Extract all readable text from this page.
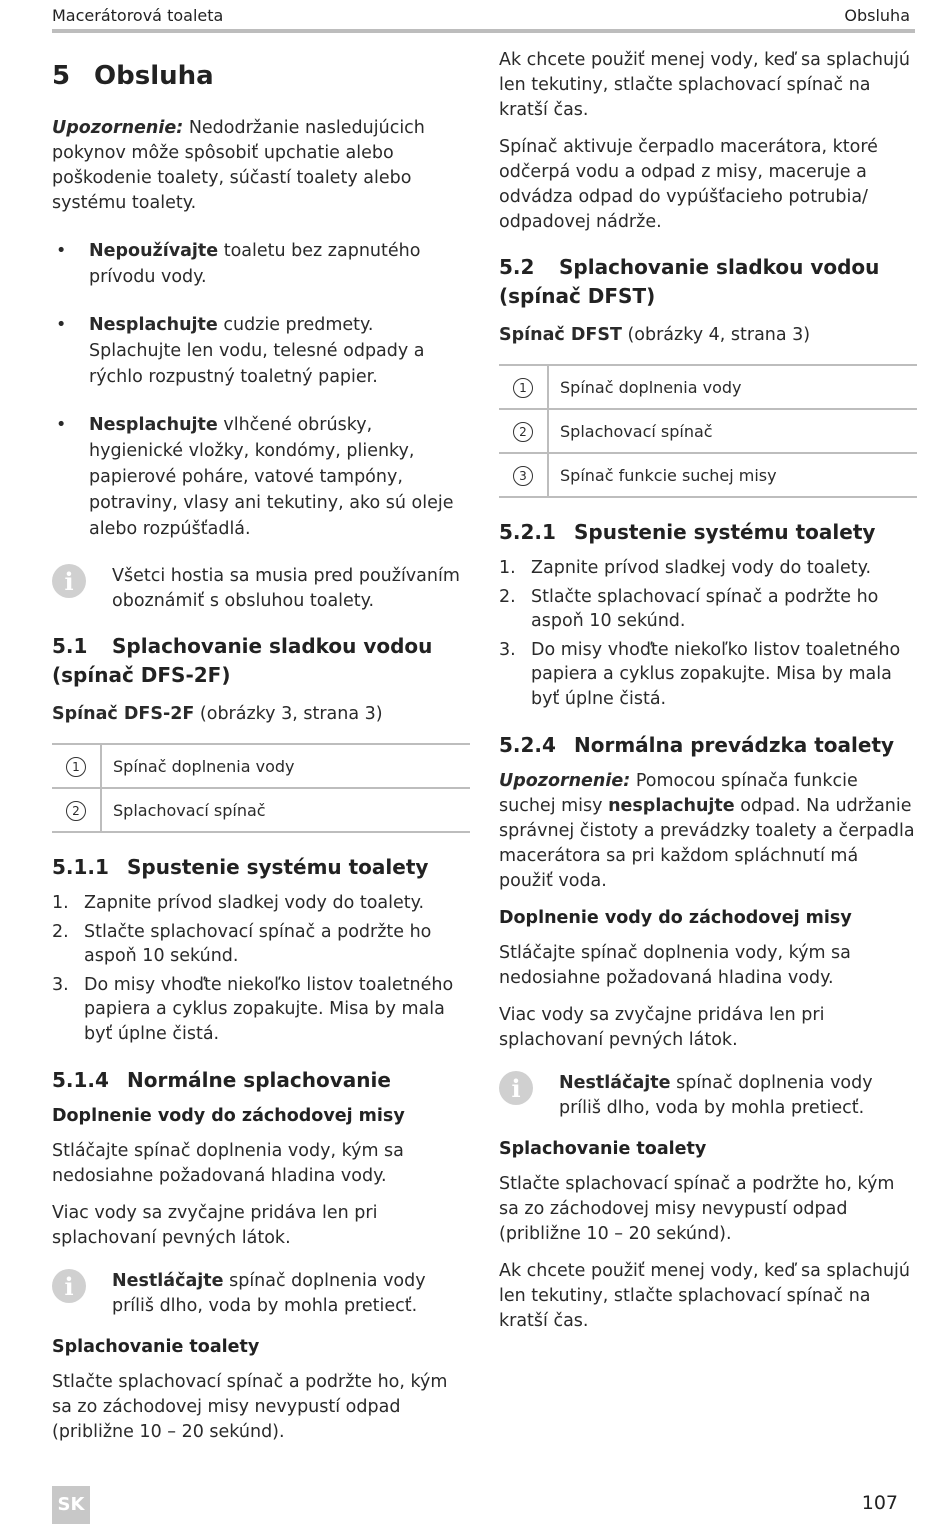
Macerátorová toaleta	Obsluha
5 Obsluha

Upozornenie: Nedodržanie nasledujúcich pokynov môže spôsobiť upchatie alebo poškodenie toalety, súčastí toalety alebo systému toalety.

• Nepoužívajte toaletu bez zapnutého prívodu vody.
• Nesplachujte cudzie predmety. Splachujte len vodu, telesné odpady a rýchlo rozpustný toaletný papier.
• Nesplachujte vlhčené obrúsky, hygienické vložky, kondómy, plienky, papierové poháre, vatové tampóny, potraviny, vlasy ani tekutiny, ako sú oleje alebo rozpúšťadlá.
i	Všetci hostia sa musia pred používaním oboznámiť s obsluhou toalety.
5.1 Splachovanie sladkou vodou (spínač DFS-2F)

Spínač DFS-2F (obrázky 3, strana 3)

1	Spínač doplnenia vody
2	Splachovací spínač
5.1.1 Spustenie systému toalety
1. Zapnite prívod sladkej vody do toalety.
2. Stlačte splachovací spínač a podržte ho aspoň 10 sekúnd.
3. Do misy vhoďte niekoľko listov toaletného papiera a cyklus zopakujte. Misa by mala byť úplne čistá.
5.1.4 Normálne splachovanie
Doplnenie vody do záchodovej misy

Stláčajte spínač doplnenia vody, kým sa nedosiahne požadovaná hladina vody.

Viac vody sa zvyčajne pridáva len pri splachovaní pevných látok.

i	Nestláčajte spínač doplnenia vody príliš dlho, voda by mohla pretiecť.
Splachovanie toalety

Stlačte splachovací spínač a podržte ho, kým sa zo záchodovej misy nevypustí odpad (približne 10 – 20 sekúnd).

Ak chcete použiť menej vody, keď sa splachujú len tekutiny, stlačte splachovací spínač na kratší čas.

Spínač aktivuje čerpadlo macerátora, ktoré odčerpá vodu a odpad z misy, maceruje a odvádza odpad do vypúšťacieho potrubia/ odpadovej nádrže.

5.2 Splachovanie sladkou vodou (spínač DFST)

Spínač DFST (obrázky 4, strana 3)

1	Spínač doplnenia vody
2	Splachovací spínač
3	Spínač funkcie suchej misy
5.2.1 Spustenie systému toalety
1. Zapnite prívod sladkej vody do toalety.
2. Stlačte splachovací spínač a podržte ho aspoň 10 sekúnd.
3. Do misy vhoďte niekoľko listov toaletného papiera a cyklus zopakujte. Misa by mala byť úplne čistá.
5.2.4 Normálna prevádzka toalety

Upozornenie: Pomocou spínača funkcie suchej misy nesplachujte odpad. Na udržanie správnej čistoty a prevádzky toalety a čerpadla macerátora sa pri každom spláchnutí má použiť voda.

Doplnenie vody do záchodovej misy

Stláčajte spínač doplnenia vody, kým sa nedosiahne požadovaná hladina vody.

Viac vody sa zvyčajne pridáva len pri splachovaní pevných látok.

i	Nestláčajte spínač doplnenia vody príliš dlho, voda by mohla pretiecť.
Splachovanie toalety

Stlačte splachovací spínač a podržte ho, kým sa zo záchodovej misy nevypustí odpad (približne 10 – 20 sekúnd).

Ak chcete použiť menej vody, keď sa splachujú len tekutiny, stlačte splachovací spínač na kratší čas.

SK	107
